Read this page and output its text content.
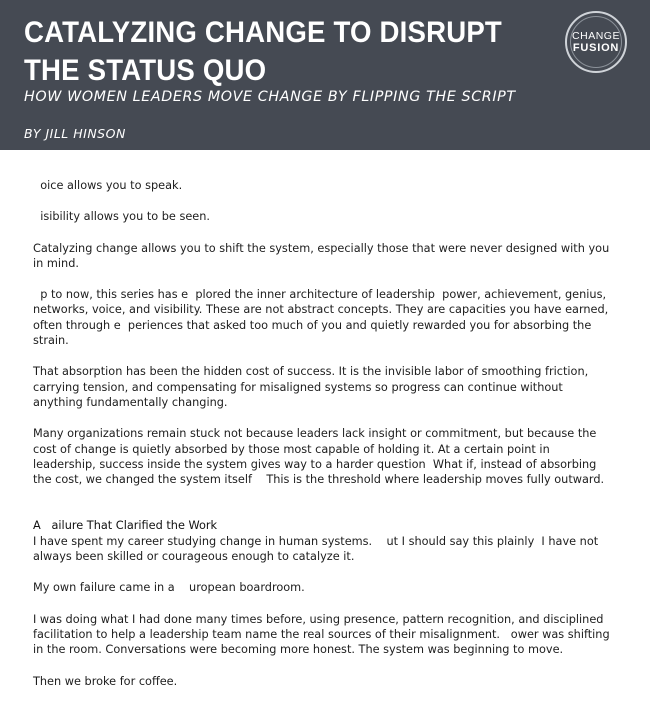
CATALYZING CHANGE TO DISRUPT THE STATUS QUO

HOW WOMEN LEADERS MOVE CHANGE BY FLIPPING THE SCRIPT

BY JILL HINSON

CHANGE
FUSION

oice allows you to speak.

isibility allows you to be seen.

Catalyzing change allows you to shift the system, especially those that were never designed with you in mind.

p to now, this series has e  plored the inner architecture of leadership  power, achievement, genius, networks, voice, and visibility. These are not abstract concepts. They are capacities you have earned, often through e  periences that asked too much of you and quietly rewarded you for absorbing the strain.

That absorption has been the hidden cost of success. It is the invisible labor of smoothing friction, carrying tension, and compensating for misaligned systems so progress can continue without anything fundamentally changing.

Many organizations remain stuck not because leaders lack insight or commitment, but because the cost of change is quietly absorbed by those most capable of holding it. At a certain point in leadership, success inside the system gives way to a harder question  What if, instead of absorbing the cost, we changed the system itself    This is the threshold where leadership moves fully outward.

A   ailure That Clarified the Work

I have spent my career studying change in human systems.    ut I should say this plainly  I have not always been skilled or courageous enough to catalyze it.

My own failure came in a    uropean boardroom.

I was doing what I had done many times before, using presence, pattern recognition, and disciplined facilitation to help a leadership team name the real sources of their misalignment.   ower was shifting in the room. Conversations were becoming more honest. The system was beginning to move.

Then we broke for coffee.
